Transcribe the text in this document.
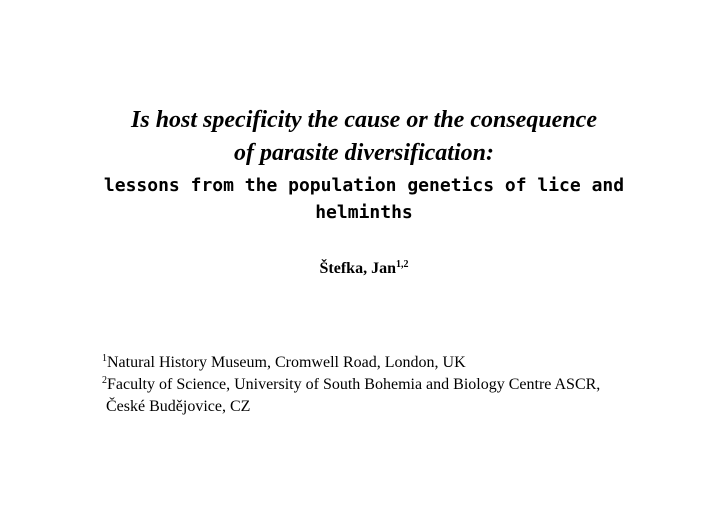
Is host specificity the cause or the consequence
of parasite diversification:
lessons from the population genetics of lice and
helminths
Štefka, Jan$^{1,2}$
$^1$Natural History Museum, Cromwell Road, London, UK
$^2$Faculty of Science, University of South Bohemia and Biology Centre ASCR,
České Budějovice, CZ
